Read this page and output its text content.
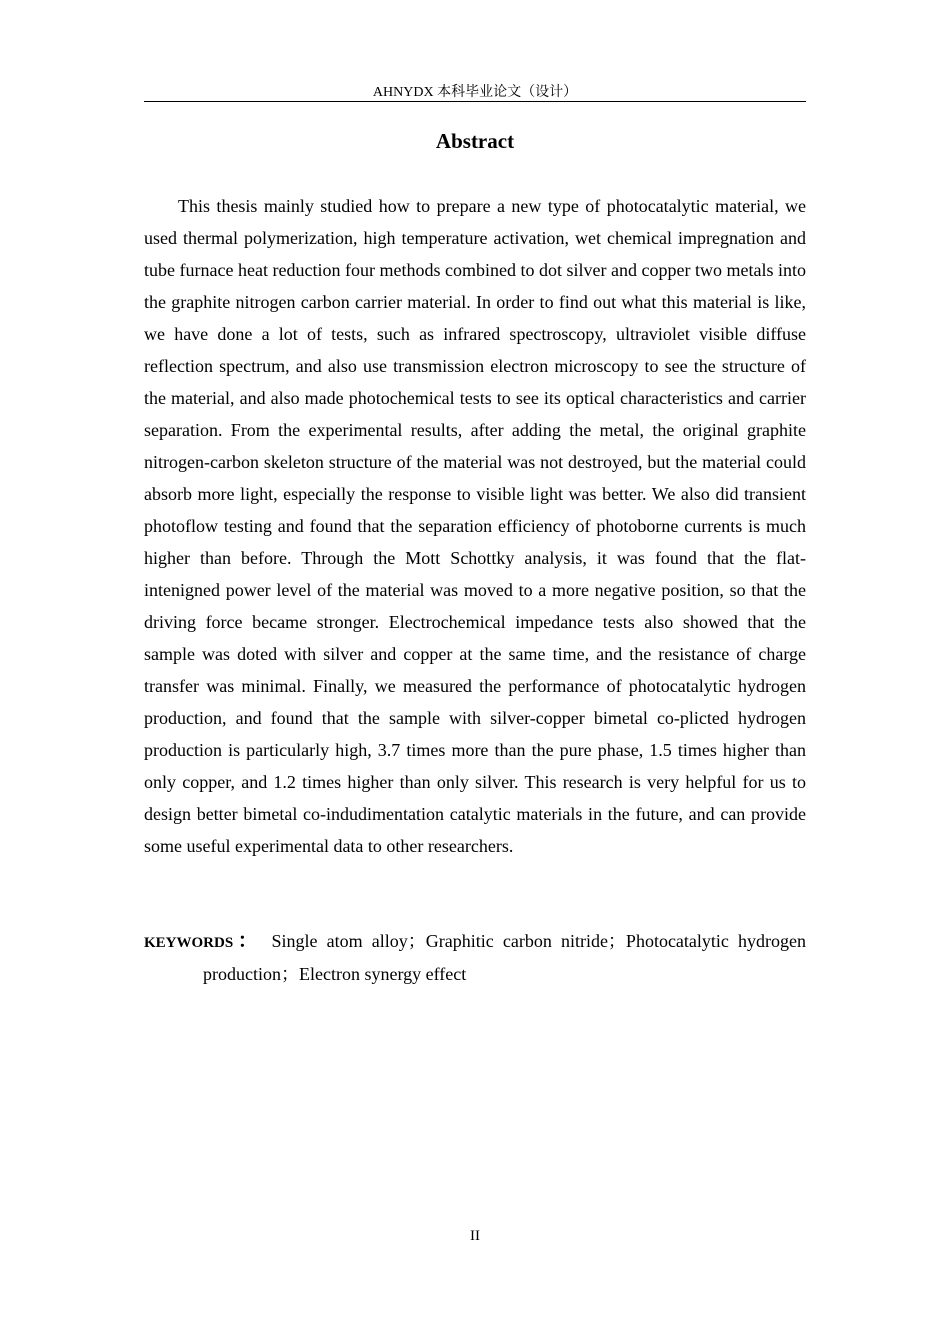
AHNYDX 本科毕业论文（设计）
Abstract

This thesis mainly studied how to prepare a new type of photocatalytic material, we used thermal polymerization, high temperature activation, wet chemical impregnation and tube furnace heat reduction four methods combined to dot silver and copper two metals into the graphite nitrogen carbon carrier material. In order to find out what this material is like, we have done a lot of tests, such as infrared spectroscopy, ultraviolet visible diffuse reflection spectrum, and also use transmission electron microscopy to see the structure of the material, and also made photochemical tests to see its optical characteristics and carrier separation. From the experimental results, after adding the metal, the original graphite nitrogen-carbon skeleton structure of the material was not destroyed, but the material could absorb more light, especially the response to visible light was better. We also did transient photoflow testing and found that the separation efficiency of photoborne currents is much higher than before. Through the Mott Schottky analysis, it was found that the flat-intenigned power level of the material was moved to a more negative position, so that the driving force became stronger. Electrochemical impedance tests also showed that the sample was doted with silver and copper at the same time, and the resistance of charge transfer was minimal. Finally, we measured the performance of photocatalytic hydrogen production, and found that the sample with silver-copper bimetal co-plicted hydrogen production is particularly high, 3.7 times more than the pure phase, 1.5 times higher than only copper, and 1.2 times higher than only silver. This research is very helpful for us to design better bimetal co-indudimentation catalytic materials in the future, and can provide some useful experimental data to other researchers.

KEYWORDS： Single atom alloy；Graphitic carbon nitride；Photocatalytic hydrogen production；Electron synergy effect

II
